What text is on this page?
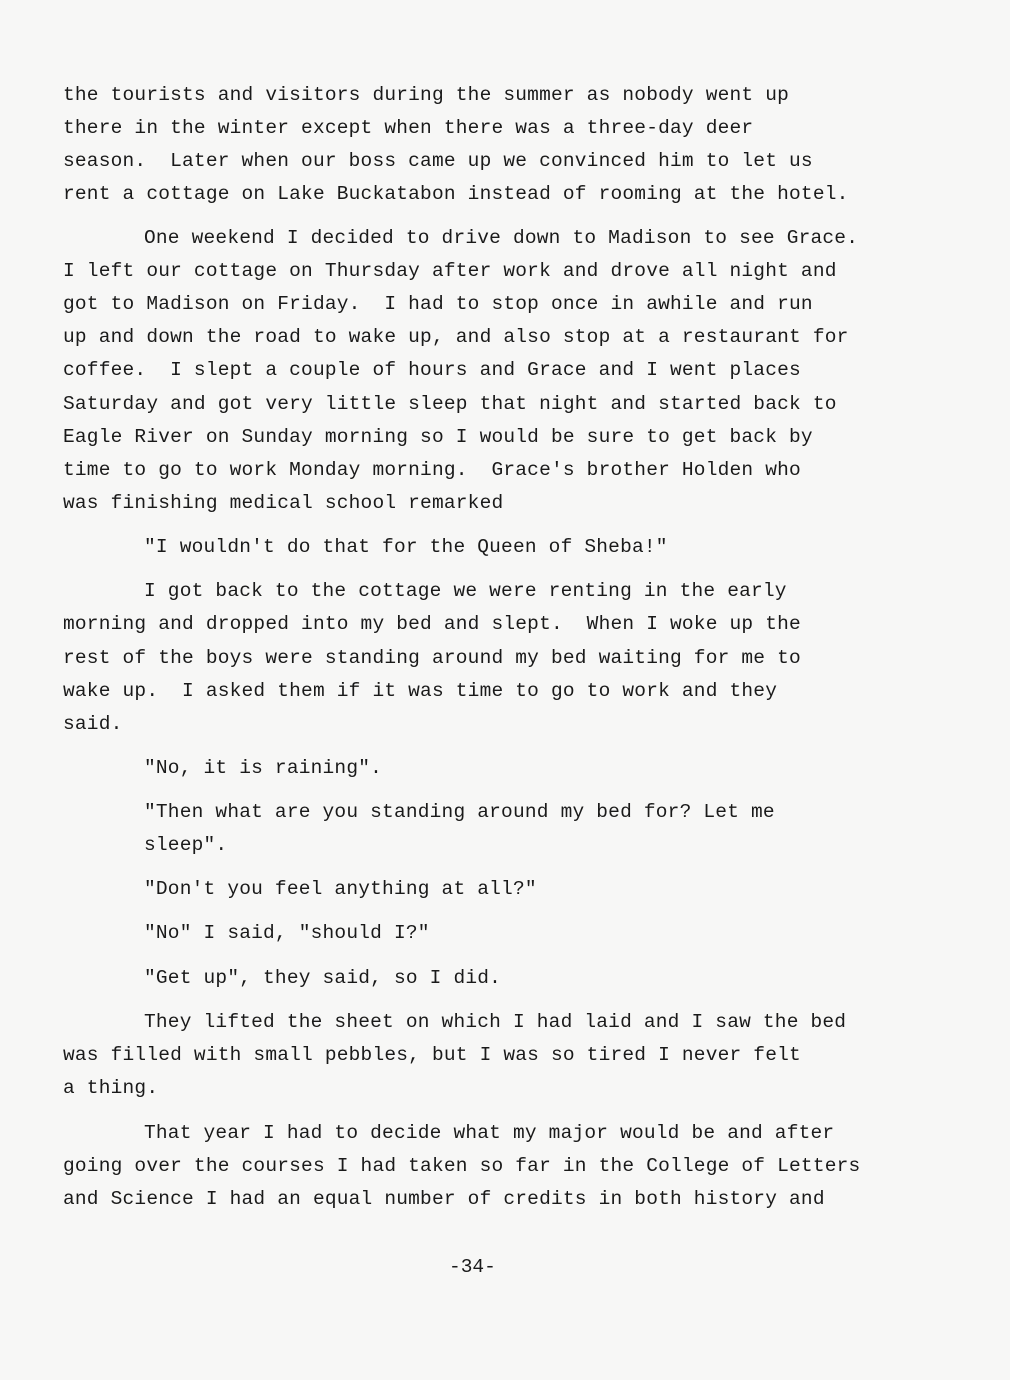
the tourists and visitors during the summer as nobody went up
there in the winter except when there was a three-day deer
season.  Later when our boss came up we convinced him to let us
rent a cottage on Lake Buckatabon instead of rooming at the hotel.
One weekend I decided to drive down to Madison to see Grace.
I left our cottage on Thursday after work and drove all night and
got to Madison on Friday.  I had to stop once in awhile and run
up and down the road to wake up, and also stop at a restaurant for
coffee.  I slept a couple of hours and Grace and I went places
Saturday and got very little sleep that night and started back to
Eagle River on Sunday morning so I would be sure to get back by
time to go to work Monday morning.  Grace's brother Holden who
was finishing medical school remarked
"I wouldn't do that for the Queen of Sheba!"
I got back to the cottage we were renting in the early
morning and dropped into my bed and slept.  When I woke up the
rest of the boys were standing around my bed waiting for me to
wake up.  I asked them if it was time to go to work and they
said.
"No, it is raining".
"Then what are you standing around my bed for? Let me
sleep".
"Don't you feel anything at all?"
"No" I said, "should I?"
"Get up", they said, so I did.
They lifted the sheet on which I had laid and I saw the bed
was filled with small pebbles, but I was so tired I never felt
a thing.
That year I had to decide what my major would be and after
going over the courses I had taken so far in the College of Letters
and Science I had an equal number of credits in both history and
-34-
